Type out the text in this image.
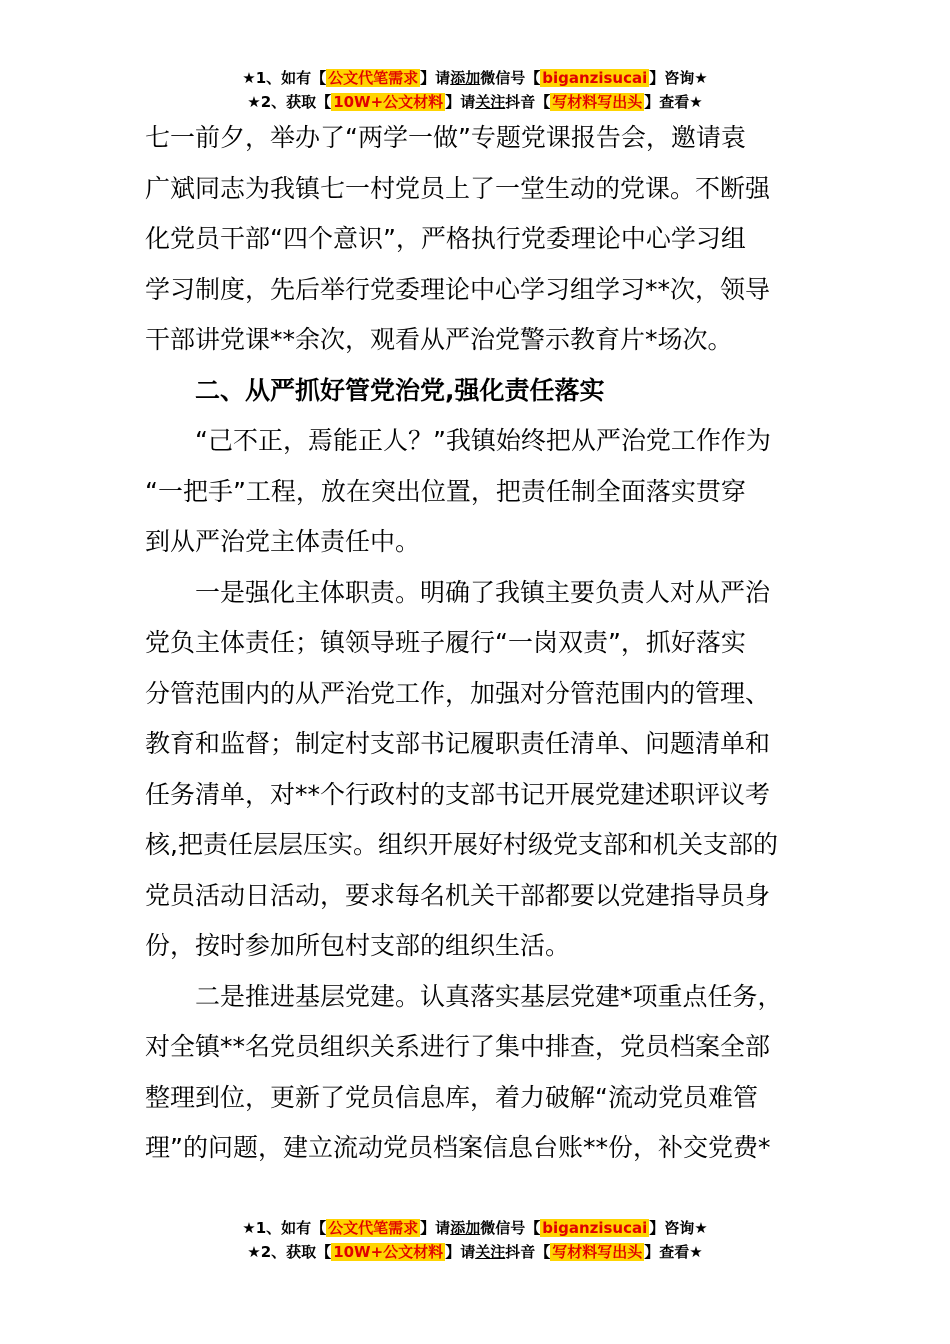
★1、如有【 公文代笔需求 】请添加微信号【 biganzisucai 】咨询★
★2、获取【 10W+公文材料 】请关注抖音【 写材料写出头 】查看★
七一前夕，举办了“两学一做”专题党课报告会，邀请袁
广斌同志为我镇七一村党员上了一堂生动的党课。不断强
化党员干部“四个意识”，严格执行党委理论中心学习组
学习制度，先后举行党委理论中心学习组学习**次，领导
干部讲党课**余次，观看从严治党警示教育片*场次。
二、从严抓好管党治党,强化责任落实
“己不正，焉能正人？”我镇始终把从严治党工作作为
“一把手”工程，放在突出位置，把责任制全面落实贯穿
到从严治党主体责任中。
一是强化主体职责。明确了我镇主要负责人对从严治
党负主体责任；镇领导班子履行“一岗双责”，抓好落实
分管范围内的从严治党工作，加强对分管范围内的管理、
教育和监督；制定村支部书记履职责任清单、问题清单和
任务清单，对**个行政村的支部书记开展党建述职评议考
核,把责任层层压实。组织开展好村级党支部和机关支部的
党员活动日活动，要求每名机关干部都要以党建指导员身
份，按时参加所包村支部的组织生活。
二是推进基层党建。认真落实基层党建*项重点任务，
对全镇**名党员组织关系进行了集中排查，党员档案全部
整理到位，更新了党员信息库，着力破解“流动党员难管
理”的问题，建立流动党员档案信息台账**份，补交党费*
★1、如有【 公文代笔需求 】请添加微信号【 biganzisucai 】咨询★
★2、获取【 10W+公文材料 】请关注抖音【 写材料写出头 】查看★
